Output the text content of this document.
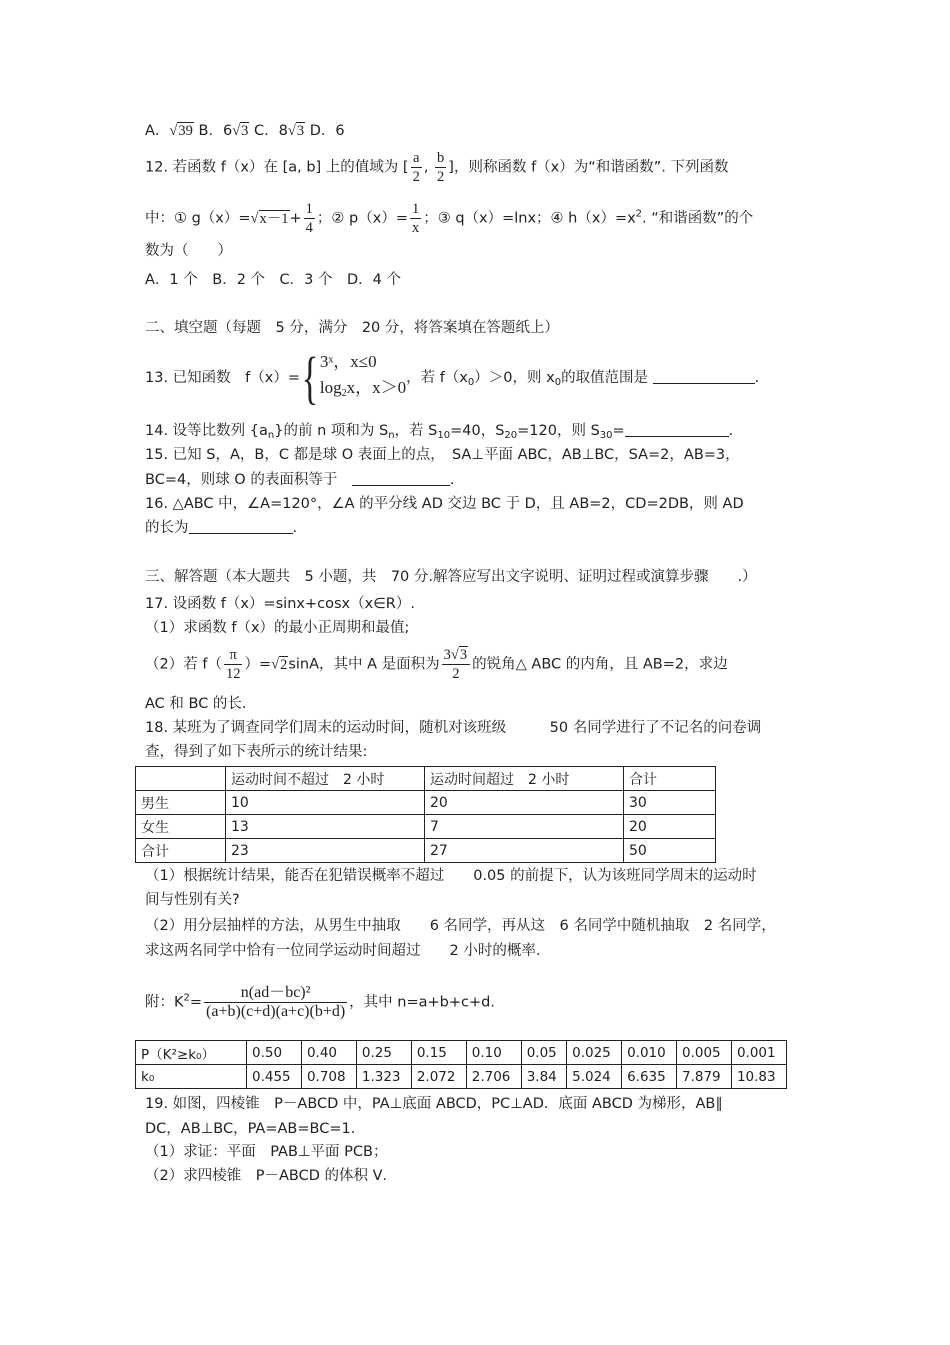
A．√39 B．6√3 C．8√3 D．6
12. 若函数 f（x）在 [a, b] 上的值域为 [ $\frac{a}{2}$ , $\frac{b}{2}$ ]，则称函数 f（x）为“和谐函数”. 下列函数
中：① $g(x)=√x-1+ \frac{1}{4}$ ；② $p(x)= \frac{1}{x}$ ；③ q（x）=lnx；④ $h(x)=x^2$. “和谐函数”的个
数为（　　）
A．1 个　B．2 个　C．3 个　D．4 个
二、填空题（每题　5 分，满分　20 分，将答案填在答题纸上）
13. 已知函数　f（x）={ 3ˣ，x≤0
$\log_2x$，x＞0 ，若 $f(x_0)>0$，则 $x_0$的取值范围是	.
14. 设等比数列 $\{a_n\}$的前 n 项和为 $S_n$，若 $S_{10}=40$，$S_{20}=120$，则 $S_{30}=$	.
15. 已知 S，A，B，C 都是球 O 表面上的点，　SA⊥平面 ABC，AB⊥BC，SA=2，AB=3，
BC=4，则球 O 的表面积等于　	.
16. △ABC 中，∠A=120°，∠A 的平分线 AD 交边 BC 于 D，且 AB=2，CD=2DB，则 AD
的长为	.
三、解答题（本大题共　5 小题，共　70 分.解答应写出文字说明、证明过程或演算步骤　　.）
17. 设函数 f（x）=sinx+cosx（x∈R）.
（1）求函数 f（x）的最小正周期和最值;
（2）若 $f( \frac{\pi}{12} )=√2\sin A$，其中 A 是面积为 $\frac{3√3}{2}$ 的锐角△ ABC 的内角，且 AB=2，求边
AC 和 BC 的长.
18. 某班为了调查同学们周末的运动时间，随机对该班级　　　50 名同学进行了不记名的问卷调
查，得到了如下表所示的统计结果:
	运动时间不超过　2 小时	运动时间超过　2 小时	合计
男生	10	20	30
女生	13	7	20
合计	23	27	50
（1）根据统计结果，能否在犯错误概率不超过　　0.05 的前提下，认为该班同学周末的运动时
间与性别有关?
（2）用分层抽样的方法，从男生中抽取　　6 名同学，再从这　6 名同学中随机抽取　2 名同学，
求这两名同学中恰有一位同学运动时间超过　　2 小时的概率.
附：$K^2= \frac{\text{n(ad－bc)²}}{(a+b)(c+d)(a+c)(b+d)}$ ，其中 n=a+b+c+d.
P（K²≥k₀）	0.50	0.40	0.25	0.15	0.10	0.05	0.025	0.010	0.005	0.001
k₀	0.455	0.708	1.323	2.072	2.706	3.84	5.024	6.635	7.879	10.83
19. 如图，四棱锥　P－ABCD 中，PA⊥底面 ABCD，PC⊥AD．底面 ABCD 为梯形，AB∥
DC，AB⊥BC，PA=AB=BC=1．
（1）求证：平面　PAB⊥平面 PCB；
（2）求四棱锥　P－ABCD 的体积 V．
